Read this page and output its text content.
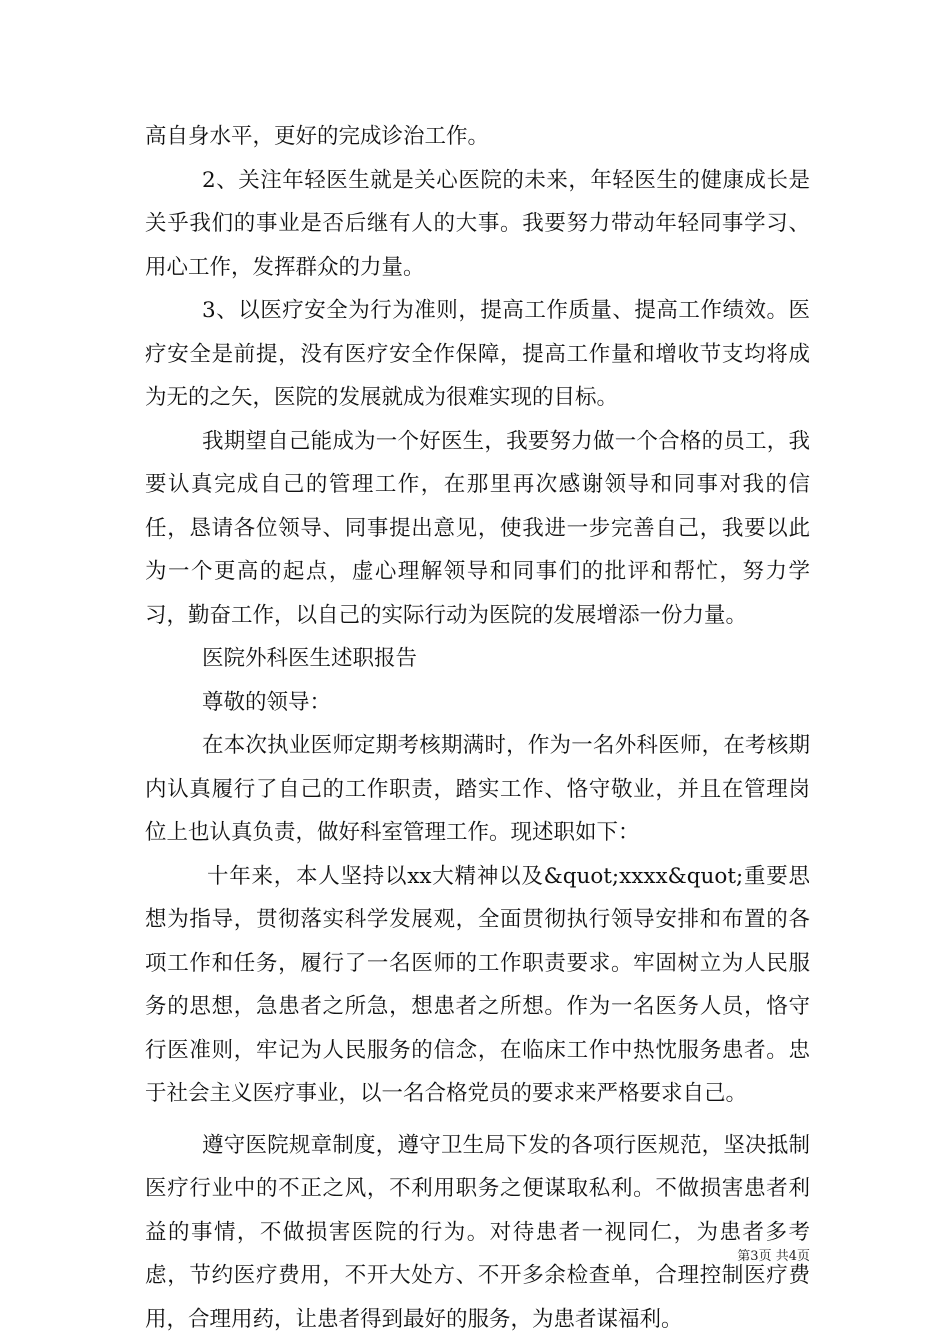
高自身水平，更好的完成诊治工作。

2、关注年轻医生就是关心医院的未来，年轻医生的健康成长是关乎我们的事业是否后继有人的大事。我要努力带动年轻同事学习、用心工作，发挥群众的力量。

3、以医疗安全为行为准则，提高工作质量、提高工作绩效。医疗安全是前提，没有医疗安全作保障，提高工作量和增收节支均将成为无的之矢，医院的发展就成为很难实现的目标。

我期望自己能成为一个好医生，我要努力做一个合格的员工，我要认真完成自己的管理工作，在那里再次感谢领导和同事对我的信任，恳请各位领导、同事提出意见，使我进一步完善自己，我要以此为一个更高的起点，虚心理解领导和同事们的批评和帮忙，努力学习，勤奋工作，以自己的实际行动为医院的发展增添一份力量。

医院外科医生述职报告

尊敬的领导：

在本次执业医师定期考核期满时，作为一名外科医师，在考核期内认真履行了自己的工作职责，踏实工作、恪守敬业，并且在管理岗位上也认真负责，做好科室管理工作。现述职如下：

十年来，本人坚持以xx大精神以及&quot;xxxx&quot;重要思想为指导，贯彻落实科学发展观，全面贯彻执行领导安排和布置的各项工作和任务，履行了一名医师的工作职责要求。牢固树立为人民服务的思想，急患者之所急，想患者之所想。作为一名医务人员，恪守行医准则，牢记为人民服务的信念，在临床工作中热忱服务患者。忠于社会主义医疗事业，以一名合格党员的要求来严格要求自己。

遵守医院规章制度，遵守卫生局下发的各项行医规范，坚决抵制医疗行业中的不正之风，不利用职务之便谋取私利。不做损害患者利益的事情，不做损害医院的行为。对待患者一视同仁，为患者多考虑，节约医疗费用，不开大处方、不开多余检查单，合理控制医疗费用，合理用药，让患者得到最好的服务，为患者谋福利。

第3页 共4页
